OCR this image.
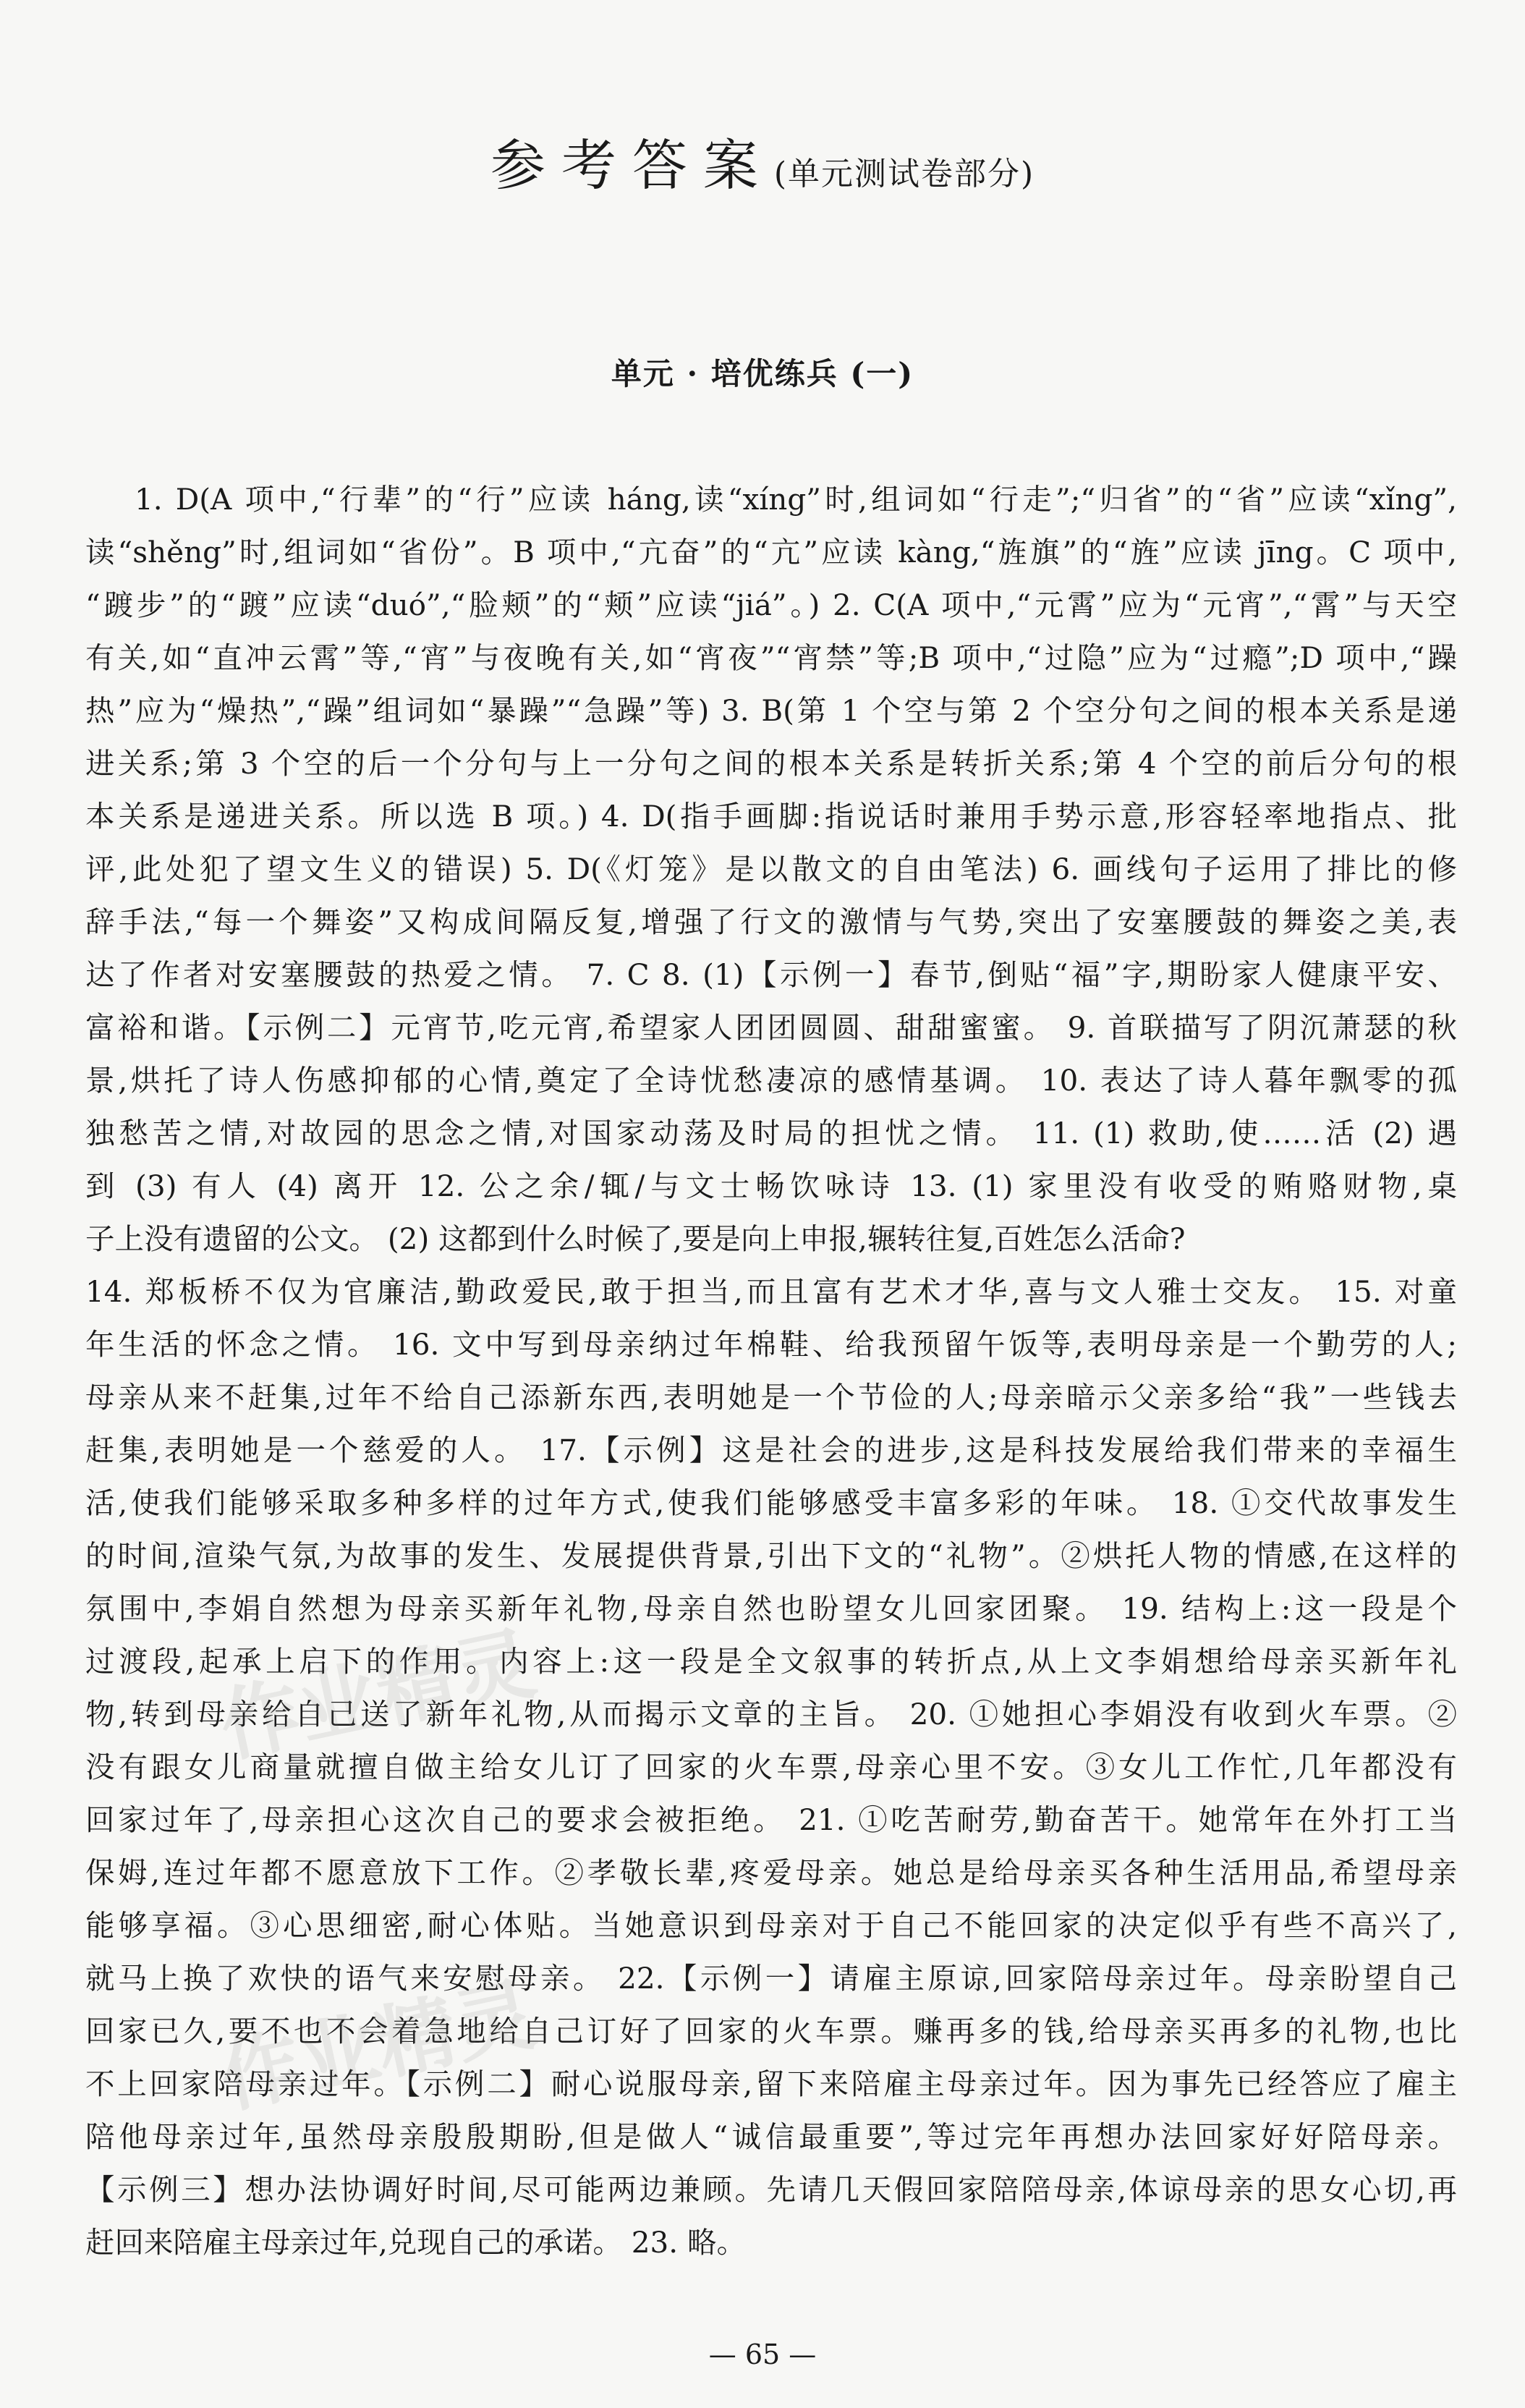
参考答案(单元测试卷部分)
单元 · 培优练兵 (一)

1. D(A 项中,“行辈”的“行”应读 háng,读“xíng”时,组词如“行走”;“归省”的“省”应读“xǐng”,

读“shěng”时,组词如“省份”。B 项中,“亢奋”的“亢”应读 kàng,“旌旗”的“旌”应读 jīng。C 项中,

“踱步”的“踱”应读“duó”,“脸颊”的“颊”应读“jiá”。) 2. C(A 项中,“元霄”应为“元宵”,“霄”与天空

有关,如“直冲云霄”等,“宵”与夜晚有关,如“宵夜”“宵禁”等;B 项中,“过隐”应为“过瘾”;D 项中,“躁

热”应为“燥热”,“躁”组词如“暴躁”“急躁”等) 3. B(第 1 个空与第 2 个空分句之间的根本关系是递

进关系;第 3 个空的后一个分句与上一分句之间的根本关系是转折关系;第 4 个空的前后分句的根

本关系是递进关系。所以选 B 项。) 4. D(指手画脚:指说话时兼用手势示意,形容轻率地指点、批

评,此处犯了望文生义的错误) 5. D(《灯笼》是以散文的自由笔法) 6. 画线句子运用了排比的修

辞手法,“每一个舞姿”又构成间隔反复,增强了行文的激情与气势,突出了安塞腰鼓的舞姿之美,表

达了作者对安塞腰鼓的热爱之情。 7. C 8. (1)【示例一】春节,倒贴“福”字,期盼家人健康平安、

富裕和谐。【示例二】元宵节,吃元宵,希望家人团团圆圆、甜甜蜜蜜。 9. 首联描写了阴沉萧瑟的秋

景,烘托了诗人伤感抑郁的心情,奠定了全诗忧愁凄凉的感情基调。 10. 表达了诗人暮年飘零的孤

独愁苦之情,对故园的思念之情,对国家动荡及时局的担忧之情。 11. (1) 救助,使……活 (2) 遇

到 (3) 有人 (4) 离开 12. 公之余/辄/与文士畅饮咏诗 13. (1) 家里没有收受的贿赂财物,桌

子上没有遗留的公文。 (2) 这都到什么时候了,要是向上申报,辗转往复,百姓怎么活命?

14. 郑板桥不仅为官廉洁,勤政爱民,敢于担当,而且富有艺术才华,喜与文人雅士交友。 15. 对童

年生活的怀念之情。 16. 文中写到母亲纳过年棉鞋、给我预留午饭等,表明母亲是一个勤劳的人;

母亲从来不赶集,过年不给自己添新东西,表明她是一个节俭的人;母亲暗示父亲多给“我”一些钱去

赶集,表明她是一个慈爱的人。 17.【示例】这是社会的进步,这是科技发展给我们带来的幸福生

活,使我们能够采取多种多样的过年方式,使我们能够感受丰富多彩的年味。 18. ①交代故事发生

的时间,渲染气氛,为故事的发生、发展提供背景,引出下文的“礼物”。②烘托人物的情感,在这样的

氛围中,李娟自然想为母亲买新年礼物,母亲自然也盼望女儿回家团聚。 19. 结构上:这一段是个

过渡段,起承上启下的作用。内容上:这一段是全文叙事的转折点,从上文李娟想给母亲买新年礼

物,转到母亲给自己送了新年礼物,从而揭示文章的主旨。 20. ①她担心李娟没有收到火车票。②

没有跟女儿商量就擅自做主给女儿订了回家的火车票,母亲心里不安。③女儿工作忙,几年都没有

回家过年了,母亲担心这次自己的要求会被拒绝。 21. ①吃苦耐劳,勤奋苦干。她常年在外打工当

保姆,连过年都不愿意放下工作。②孝敬长辈,疼爱母亲。她总是给母亲买各种生活用品,希望母亲

能够享福。③心思细密,耐心体贴。当她意识到母亲对于自己不能回家的决定似乎有些不高兴了,

就马上换了欢快的语气来安慰母亲。 22.【示例一】请雇主原谅,回家陪母亲过年。母亲盼望自己

回家已久,要不也不会着急地给自己订好了回家的火车票。赚再多的钱,给母亲买再多的礼物,也比

不上回家陪母亲过年。【示例二】耐心说服母亲,留下来陪雇主母亲过年。因为事先已经答应了雇主

陪他母亲过年,虽然母亲殷殷期盼,但是做人“诚信最重要”,等过完年再想办法回家好好陪母亲。

【示例三】想办法协调好时间,尽可能两边兼顾。先请几天假回家陪陪母亲,体谅母亲的思女心切,再

赶回来陪雇主母亲过年,兑现自己的承诺。 23. 略。

作业精灵
作业精灵
— 65 —
